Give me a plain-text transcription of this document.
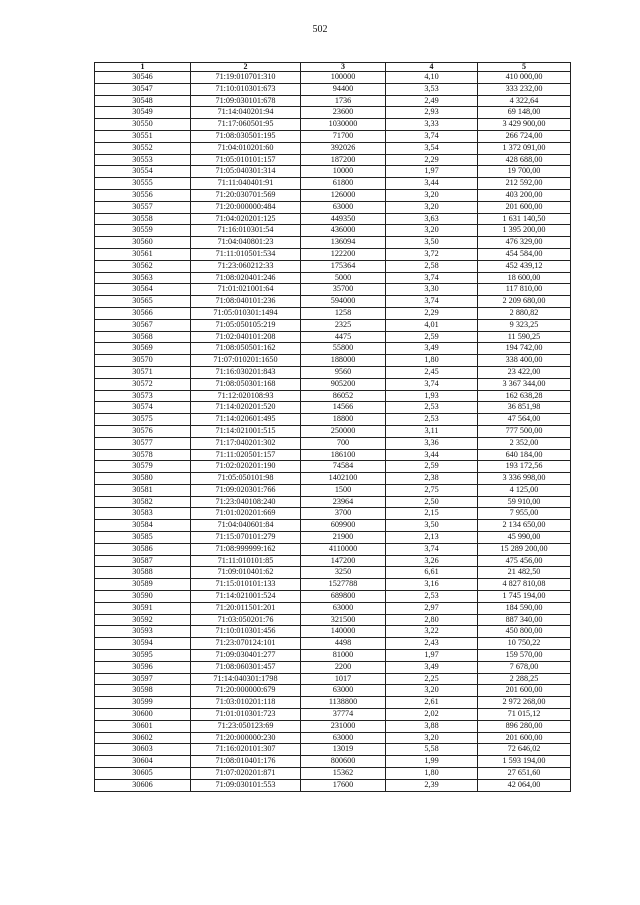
502
1	2	3	4	5
30546	71:19:010701:310	100000	4,10	410 000,00
30547	71:10:010301:673	94400	3,53	333 232,00
30548	71:09:030101:678	1736	2,49	4 322,64
30549	71:14:040201:94	23600	2,93	69 148,00
30550	71:17:060501:95	1030000	3,33	3 429 900,00
30551	71:08:030501:195	71700	3,74	266 724,00
30552	71:04:010201:60	392026	3,54	1 372 091,00
30553	71:05:010101:157	187200	2,29	428 688,00
30554	71:05:040301:314	10000	1,97	19 700,00
30555	71:11:040401:91	61800	3,44	212 592,00
30556	71:20:030701:569	126000	3,20	403 200,00
30557	71:20:000000:484	63000	3,20	201 600,00
30558	71:04:020201:125	449350	3,63	1 631 140,50
30559	71:16:010301:54	436000	3,20	1 395 200,00
30560	71:04:040801:23	136094	3,50	476 329,00
30561	71:11:010501:534	122200	3,72	454 584,00
30562	71:23:060212:33	175364	2,58	452 439,12
30563	71:08:020401:246	5000	3,74	18 600,00
30564	71:01:021001:64	35700	3,30	117 810,00
30565	71:08:040101:236	594000	3,74	2 209 680,00
30566	71:05:010301:1494	1258	2,29	2 880,82
30567	71:05:050105:219	2325	4,01	9 323,25
30568	71:02:040101:208	4475	2,59	11 590,25
30569	71:08:050501:162	55800	3,49	194 742,00
30570	71:07:010201:1650	188000	1,80	338 400,00
30571	71:16:030201:843	9560	2,45	23 422,00
30572	71:08:050301:168	905200	3,74	3 367 344,00
30573	71:12:020108:93	86052	1,93	162 638,28
30574	71:14:020201:520	14566	2,53	36 851,98
30575	71:14:020601:495	18800	2,53	47 564,00
30576	71:14:021001:515	250000	3,11	777 500,00
30577	71:17:040201:302	700	3,36	2 352,00
30578	71:11:020501:157	186100	3,44	640 184,00
30579	71:02:020201:190	74584	2,59	193 172,56
30580	71:05:050101:98	1402100	2,38	3 336 998,00
30581	71:09:020301:766	1500	2,75	4 125,00
30582	71:23:040108:240	23964	2,50	59 910,00
30583	71:01:020201:669	3700	2,15	7 955,00
30584	71:04:040601:84	609900	3,50	2 134 650,00
30585	71:15:070101:279	21900	2,13	45 990,00
30586	71:08:999999:162	4110000	3,74	15 289 200,00
30587	71:11:010101:85	147200	3,26	475 456,00
30588	71:09:010401:62	3250	6,61	21 482,50
30589	71:15:010101:133	1527788	3,16	4 827 810,08
30590	71:14:021001:524	689800	2,53	1 745 194,00
30591	71:20:011501:201	63000	2,97	184 590,00
30592	71:03:050201:76	321500	2,80	887 340,00
30593	71:10:010301:456	140000	3,22	450 800,00
30594	71:23:070124:101	4498	2,43	10 750,22
30595	71:09:030401:277	81000	1,97	159 570,00
30596	71:08:060301:457	2200	3,49	7 678,00
30597	71:14:040301:1798	1017	2,25	2 288,25
30598	71:20:000000:679	63000	3,20	201 600,00
30599	71:03:010201:118	1138800	2,61	2 972 268,00
30600	71:01:010301:723	37774	2,02	71 015,12
30601	71:23:050123:69	231000	3,88	896 280,00
30602	71:20:000000:230	63000	3,20	201 600,00
30603	71:16:020101:307	13019	5,58	72 646,02
30604	71:08:010401:176	800600	1,99	1 593 194,00
30605	71:07:020201:871	15362	1,80	27 651,60
30606	71:09:030101:553	17600	2,39	42 064,00
